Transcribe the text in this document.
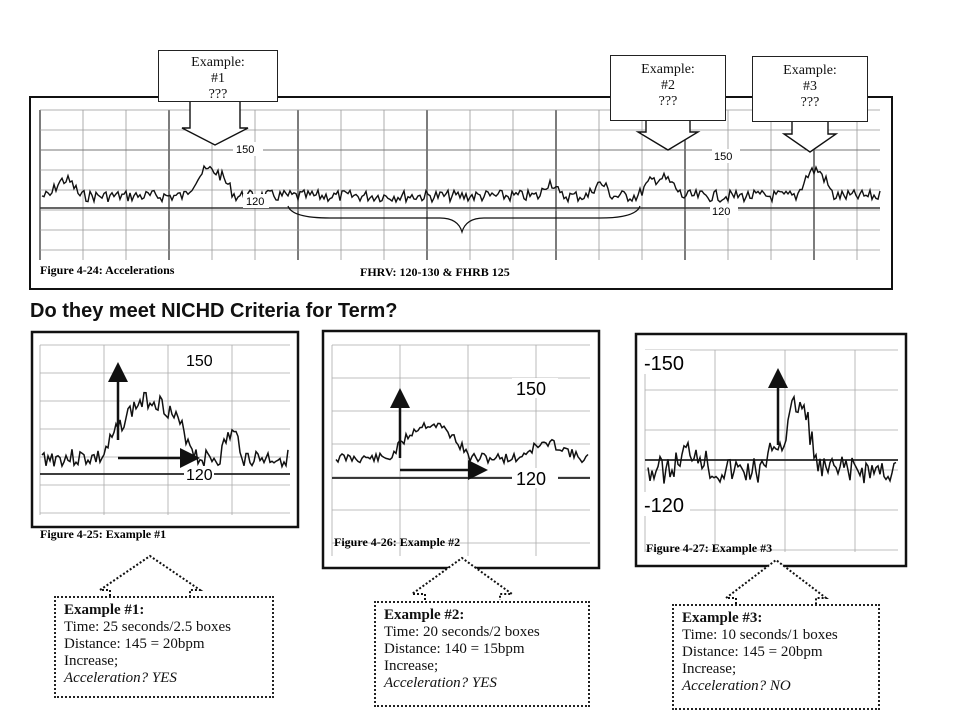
150
120
150
120
Figure 4-24: Accelerations	FHRV: 120-130 & FHRB 125
150
120
150
120
-150
-120
Figure 4-25: Example #1
Figure 4-26: Example #2	Figure 4-27: Example #3
Example:
#1
???
Example:
#2
???
Example:
#3
???
Do they meet NICHD Criteria for Term?
Example #1:
Time: 25 seconds/2.5 boxes
Distance: 145 = 20bpm
Increase;
Acceleration? YES
Example #2:
Time: 20 seconds/2 boxes
Distance: 140 = 15bpm
Increase;
Acceleration? YES
Example #3:
Time: 10 seconds/1 boxes
Distance: 145 = 20bpm
Increase;
Acceleration? NO
